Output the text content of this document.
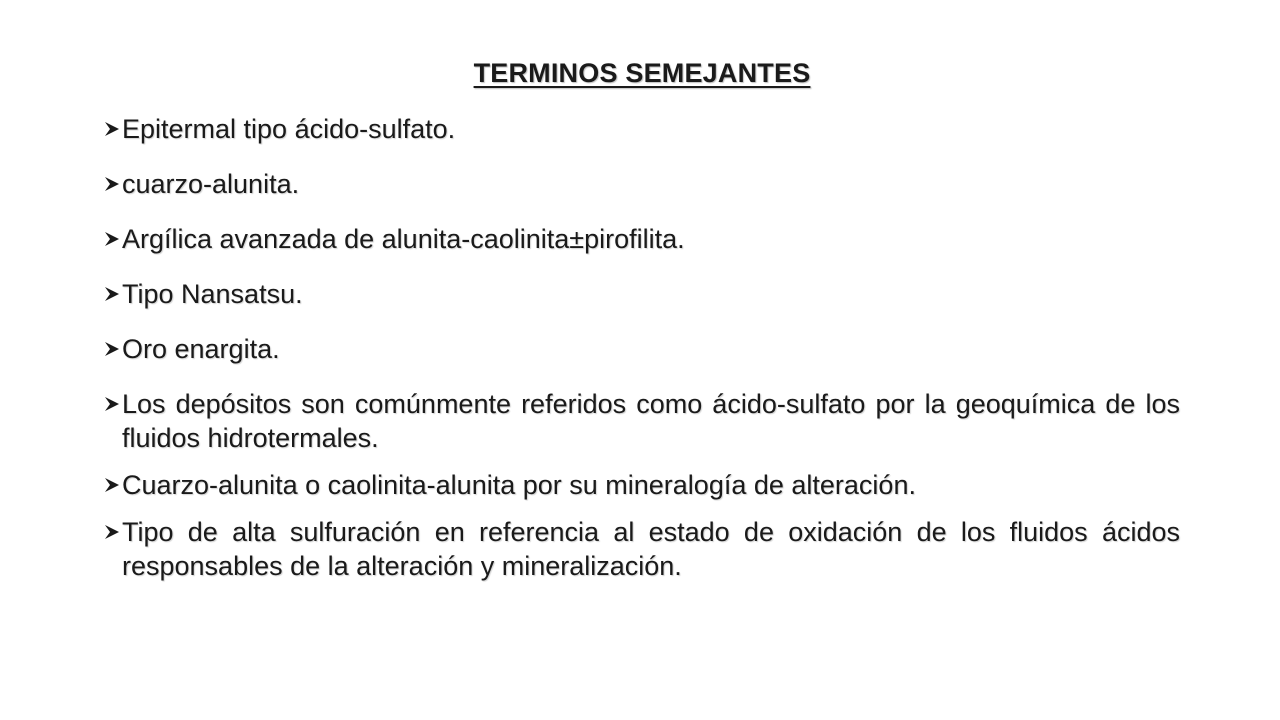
TERMINOS SEMEJANTES
Epitermal tipo ácido-sulfato.
cuarzo-alunita.
Argílica avanzada de alunita-caolinita±pirofilita.
Tipo Nansatsu.
Oro enargita.
Los depósitos son comúnmente referidos como ácido-sulfato por la geoquímica de los fluidos hidrotermales.
Cuarzo-alunita o caolinita-alunita por su mineralogía de alteración.
Tipo de alta sulfuración en referencia al estado de oxidación de los fluidos ácidos responsables de la alteración y mineralización.
